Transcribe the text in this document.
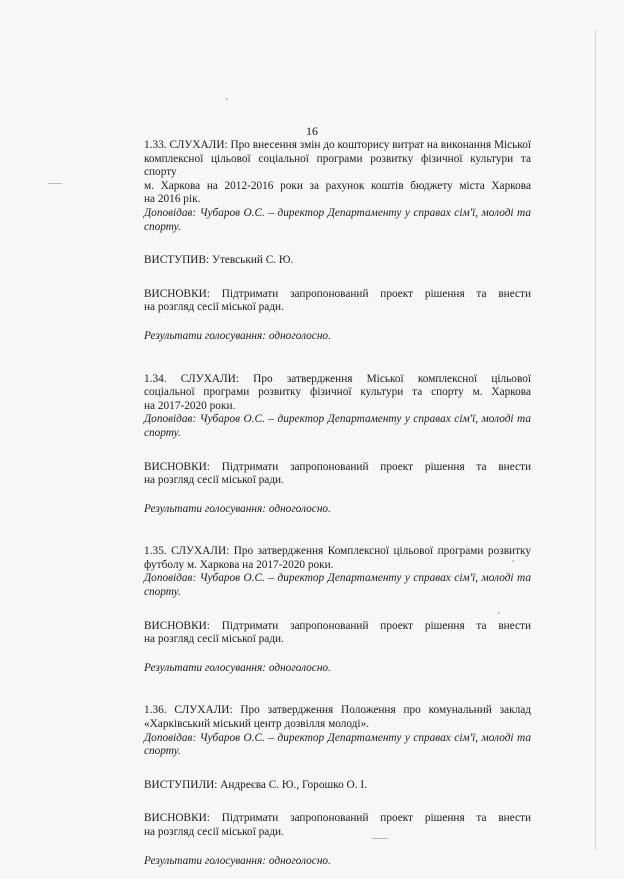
16

1.33. СЛУХАЛИ: Про внесення змін до кошторису витрат на виконання Міської

комплексної цільової соціальної програми розвитку фізичної культури та спорту

м. Харкова на 2012-2016 роки за рахунок коштів бюджету міста Харкова

на 2016 рік.

Доповідав: Чубаров О.С. – директор Департаменту у справах сім'ї, молоді та

спорту.

ВИСТУПИВ: Утевський С. Ю.

ВИСНОВКИ: Підтримати запропонований проект рішення та внести

на розгляд сесії міської ради.

Результати голосування: одноголосно.

1.34. СЛУХАЛИ: Про затвердження Міської комплексної цільової

соціальної програми розвитку фізичної культури та спорту м. Харкова

на 2017-2020 роки.

Доповідав: Чубаров О.С. – директор Департаменту у справах сім'ї, молоді та

спорту.

ВИСНОВКИ: Підтримати запропонований проект рішення та внести

на розгляд сесії міської ради.

Результати голосування: одноголосно.

1.35. СЛУХАЛИ: Про затвердження Комплексної цільової програми розвитку

футболу м. Харкова на 2017-2020 роки.

Доповідав: Чубаров О.С. – директор Департаменту у справах сім'ї, молоді та

спорту.

ВИСНОВКИ: Підтримати запропонований проект рішення та внести

на розгляд сесії міської ради.

Результати голосування: одноголосно.

1.36. СЛУХАЛИ: Про затвердження Положення про комунальний заклад

«Харківський міський центр дозвілля молоді».

Доповідав: Чубаров О.С. – директор Департаменту у справах сім'ї, молоді та

спорту.

ВИСТУПИЛИ: Андреєва С. Ю., Горошко О. І.

ВИСНОВКИ: Підтримати запропонований проект рішення та внести

на розгляд сесії міської ради.

Результати голосування: одноголосно.
